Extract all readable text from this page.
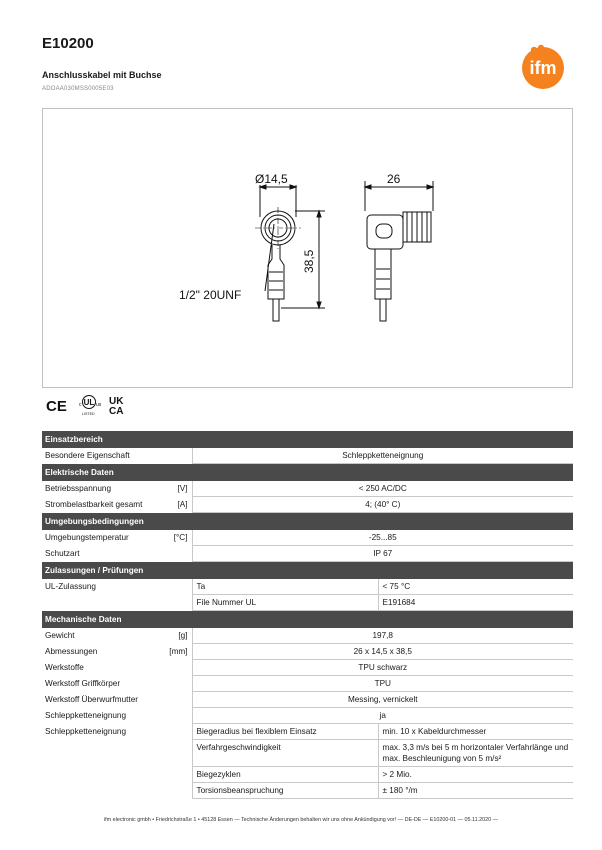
E10200
Anschlusskabel mit Buchse
ADOAA030MSS0005E03
ifm
Ø14,5	26
38,5
1/2" 20UNF
CE UL
c	us
LISTED
UK
CA
Einsatzbereich			
Besondere Eigenschaft		Schleppketteneignung	
Elektrische Daten			
Betriebsspannung	[V]	< 250 AC/DC	
Strombelastbarkeit gesamt	[A]	4; (40° C)	
Umgebungsbedingungen			
Umgebungstemperatur	[°C]	-25...85	
Schutzart		IP 67	
Zulassungen / Prüfungen			
UL-Zulassung		Ta	< 75 °C
		File Nummer UL	E191684
Mechanische Daten			
Gewicht	[g]	197,8	
Abmessungen	[mm]	26 x 14,5 x 38,5	
Werkstoffe		TPU schwarz	
Werkstoff Griffkörper		TPU	
Werkstoff Überwurfmutter		Messing, vernickelt	
Schleppketteneignung		ja	
Schleppketteneignung		Biegeradius bei flexiblem Einsatz	min. 10 x Kabeldurchmesser
		Verfahrgeschwindigkeit	max. 3,3 m/s bei 5 m horizontaler Verfahrlänge und max. Beschleunigung von 5 m/s²
		Biegezyklen	> 2 Mio.
		Torsionsbeanspruchung	± 180 °/m
ifm electronic gmbh • Friedrichstraße 1 • 45128 Essen — Technische Änderungen behalten wir uns ohne Ankündigung vor! — DE-DE — E10200-01 — 05.11.2020 —
